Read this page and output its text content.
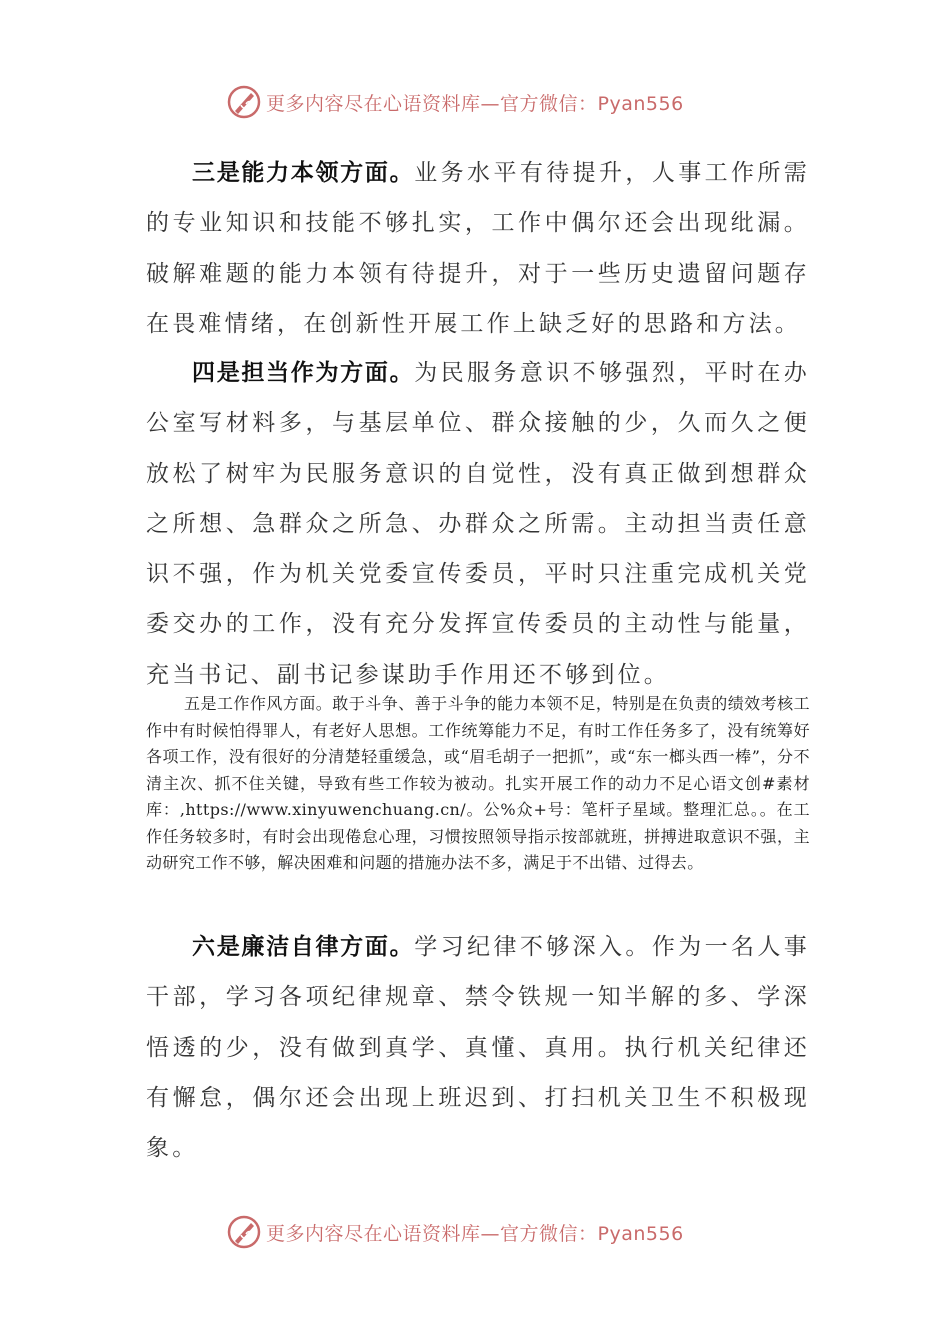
更多内容尽在心语资料库—官方微信：Pyan556

三是能力本领方面。业务水平有待提升，人事工作所需的专业知识和技能不够扎实，工作中偶尔还会出现纰漏。破解难题的能力本领有待提升，对于一些历史遗留问题存在畏难情绪，在创新性开展工作上缺乏好的思路和方法。

四是担当作为方面。为民服务意识不够强烈，平时在办公室写材料多，与基层单位、群众接触的少，久而久之便放松了树牢为民服务意识的自觉性，没有真正做到想群众之所想、急群众之所急、办群众之所需。主动担当责任意识不强，作为机关党委宣传委员，平时只注重完成机关党委交办的工作，没有充分发挥宣传委员的主动性与能量，充当书记、副书记参谋助手作用还不够到位。

五是工作作风方面。敢于斗争、善于斗争的能力本领不足，特别是在负责的绩效考核工作中有时候怕得罪人，有老好人思想。工作统筹能力不足，有时工作任务多了，没有统筹好各项工作，没有很好的分清楚轻重缓急，或“眉毛胡子一把抓”，或“东一榔头西一棒”，分不清主次、抓不住关键，导致有些工作较为被动。扎实开展工作的动力不足心语文创#素材库：,https://www.xinyuwenchuang.cn/。公%众+号：笔杆子星域。整理汇总。。在工作任务较多时，有时会出现倦怠心理，习惯按照领导指示按部就班，拼搏进取意识不强，主动研究工作不够，解决困难和问题的措施办法不多，满足于不出错、过得去。

六是廉洁自律方面。学习纪律不够深入。作为一名人事干部，学习各项纪律规章、禁令铁规一知半解的多、学深悟透的少，没有做到真学、真懂、真用。执行机关纪律还有懈怠，偶尔还会出现上班迟到、打扫机关卫生不积极现象。

更多内容尽在心语资料库—官方微信：Pyan556
